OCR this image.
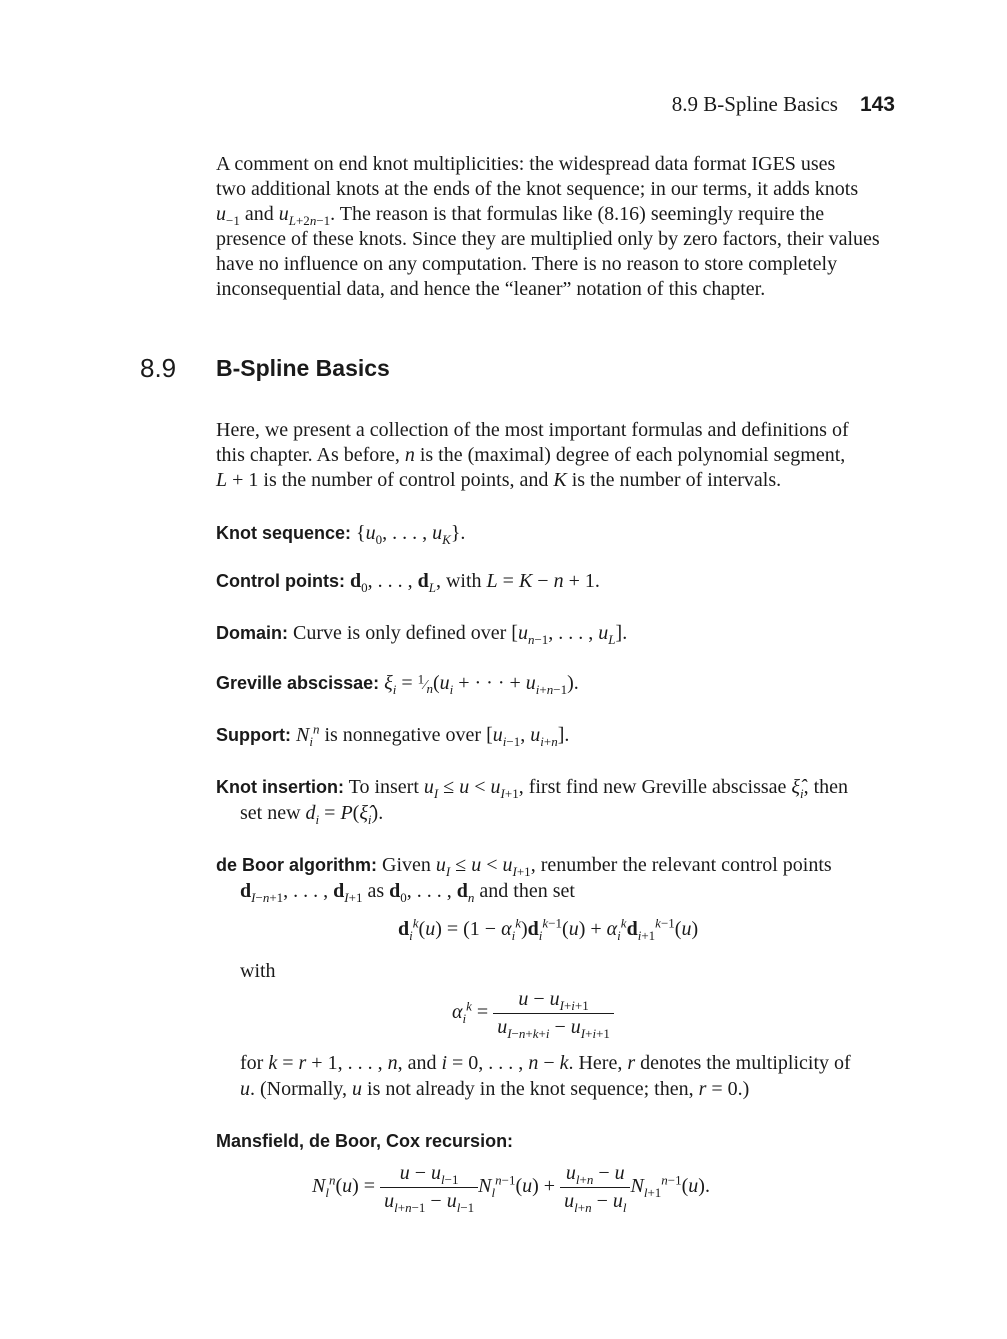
8.9 B-Spline Basics 143
A comment on end knot multiplicities: the widespread data format IGES uses
two additional knots at the ends of the knot sequence; in our terms, it adds knots
$u_{-1}$ and $u_{L+2n-1}$. The reason is that formulas like (8.16) seemingly require the
presence of these knots. Since they are multiplied only by zero factors, their values
have no influence on any computation. There is no reason to store completely
inconsequential data, and hence the “leaner” notation of this chapter.
8.9 B-Spline Basics
Here, we present a collection of the most important formulas and definitions of
this chapter. As before, n is the (maximal) degree of each polynomial segment,
L + 1 is the number of control points, and K is the number of intervals.
Knot sequence: {$u_0$, . . . , $u_K$}.
Control points: $d_0$, . . . , $d_L$, with L = K − n + 1.
Domain: Curve is only defined over [$u_{n-1}$, . . . , $u_L$].
Greville abscissae: $\xi_i$ = $^1⁄_n(u_i$ + · · · + $u_{i+n-1}$).
Support: $N_i^n$ is nonnegative over [$u_{i-1}$, $u_{i+n}$].
Knot insertion: To insert $u_I \le u < u_{I+1}$, first find new Greville abscissae $\xî_i$, then
set new $d_i$ = $P(\xî_i)$.
de Boor algorithm: Given $u_I \le u < u_{I+1}$, renumber the relevant control points
$d_{I-n+1}$, . . . , $d_{I+1}$ as $d_0$, . . . , $d_n$ and then set
$d_i^k(u) = (1 - \alpha_i^k)d_i^{k-1}(u) + \alpha_i^kd_{i+1}^{k-1}(u)$
with
$\alpha_i^k = \frac{u - u_{I+i+1}}{u_{I-n+k+i} - u_{I+i+1}}$
for k = r + 1, . . . , n, and i = 0, . . . , n − k. Here, r denotes the multiplicity of
u. (Normally, u is not already in the knot sequence; then, r = 0.)
Mansfield, de Boor, Cox recursion:
$N_l^n(u) = \frac{u - u_{l-1}}{u_{l+n-1} - u_{l-1}} N_l^{n-1}(u) + \frac{u_{l+n} - u}{u_{l+n} - u_l} N_{l+1}^{n-1}(u)$.
